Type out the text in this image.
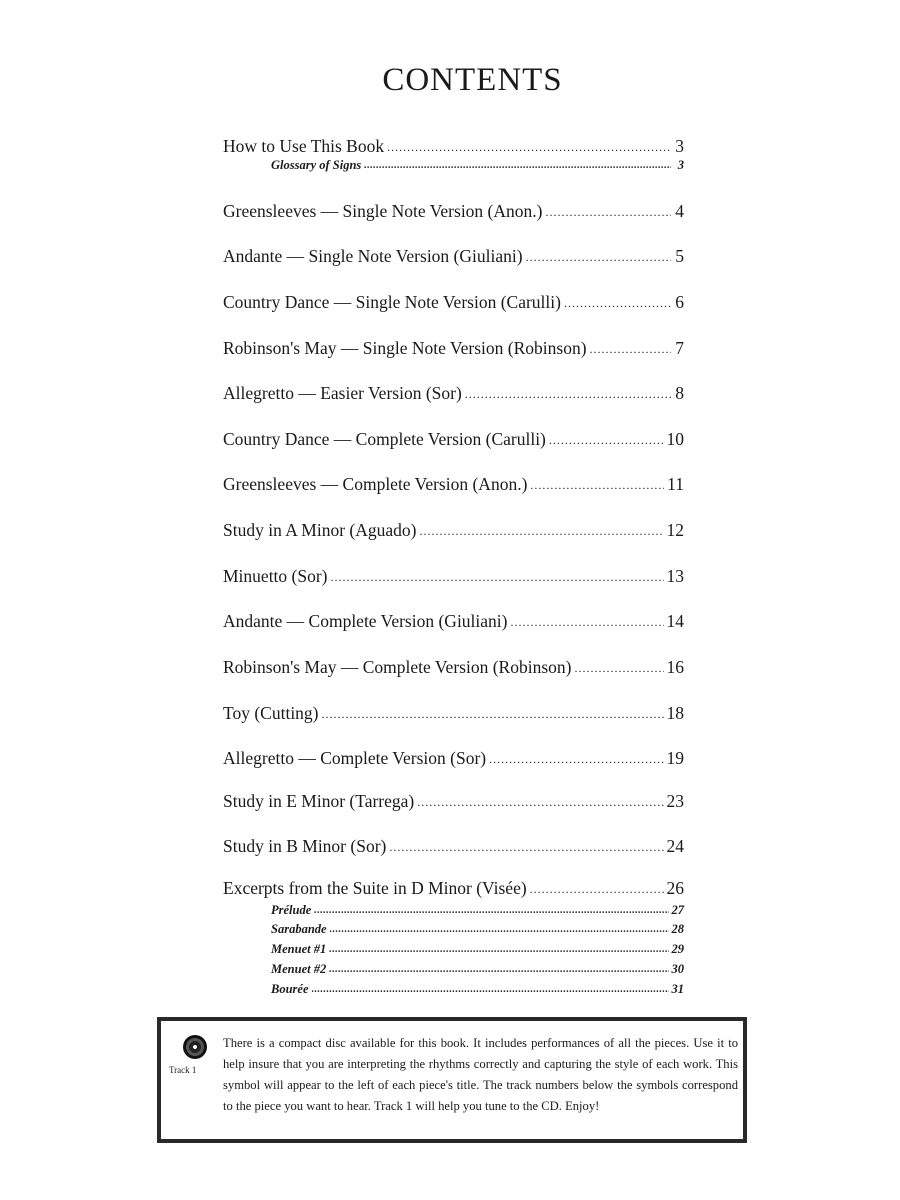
CONTENTS
How to Use This Book .....	3
Glossary of Signs .....	3
Greensleeves — Single Note Version (Anon.) .....	4
Andante — Single Note Version (Giuliani) .....	5
Country Dance — Single Note Version (Carulli) .....	6
Robinson's May — Single Note Version (Robinson) .....	7
Allegretto — Easier Version (Sor) .....	8
Country Dance — Complete Version (Carulli) .....	10
Greensleeves — Complete Version (Anon.) .....	11
Study in A Minor (Aguado) .....	12
Minuetto (Sor) .....	13
Andante — Complete Version (Giuliani) .....	14
Robinson's May — Complete Version (Robinson) .....	16
Toy (Cutting) .....	18
Allegretto — Complete Version (Sor) .....	19
Study in E Minor (Tarrega) .....	23
Study in B Minor (Sor) .....	24
Excerpts from the Suite in D Minor (Visée) .....	26
Prélude .....	27
Sarabande .....	28
Menuet #1 .....	29
Menuet #2 .....	30
Bourée .....	31
Track 1
There is a compact disc available for this book. It includes performances of all the pieces. Use it to help insure that you are interpreting the rhythms correctly and capturing the style of each work. This symbol will appear to the left of each piece's title. The track numbers below the symbols correspond to the piece you want to hear. Track 1 will help you tune to the CD. Enjoy!
